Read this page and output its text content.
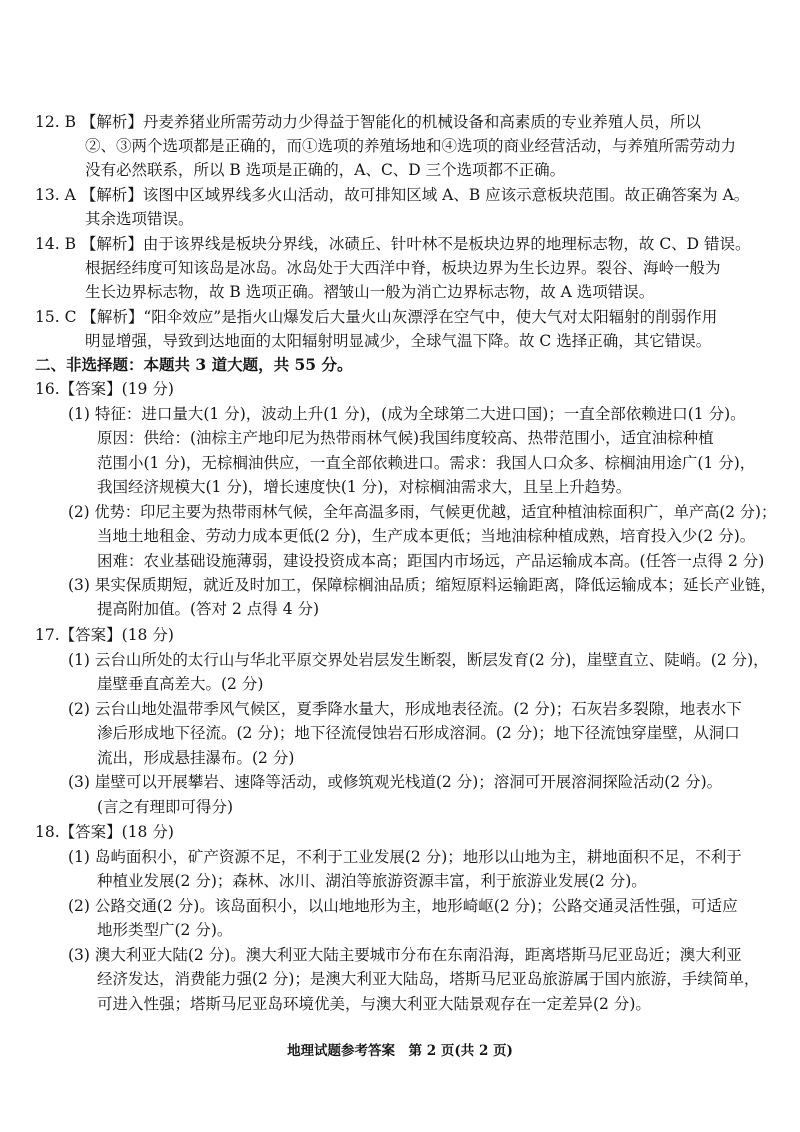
12. B 【解析】丹麦养猪业所需劳动力少得益于智能化的机械设备和高素质的专业养殖人员，所以
②、③两个选项都是正确的，而①选项的养殖场地和④选项的商业经营活动，与养殖所需劳动力
没有必然联系，所以 B 选项是正确的，A、C、D 三个选项都不正确。
13. A 【解析】该图中区域界线多火山活动，故可排知区域 A、B 应该示意板块范围。故正确答案为 A。
其余选项错误。
14. B 【解析】由于该界线是板块分界线，冰碛丘、针叶林不是板块边界的地理标志物，故 C、D 错误。
根据经纬度可知该岛是冰岛。冰岛处于大西洋中脊，板块边界为生长边界。裂谷、海岭一般为
生长边界标志物，故 B 选项正确。褶皱山一般为消亡边界标志物，故 A 选项错误。
15. C 【解析】“阳伞效应”是指火山爆发后大量火山灰漂浮在空气中，使大气对太阳辐射的削弱作用
明显增强，导致到达地面的太阳辐射明显减少，全球气温下降。故 C 选择正确，其它错误。
二、非选择题：本题共 3 道大题，共 55 分。
16.【答案】(19 分)
(1) 特征：进口量大(1 分)，波动上升(1 分)，(成为全球第二大进口国)；一直全部依赖进口(1 分)。
原因：供给：(油棕主产地印尼为热带雨林气候)我国纬度较高、热带范围小，适宜油棕种植
范围小(1 分)，无棕榈油供应，一直全部依赖进口。需求：我国人口众多、棕榈油用途广(1 分)，
我国经济规模大(1 分)，增长速度快(1 分)，对棕榈油需求大，且呈上升趋势。
(2) 优势：印尼主要为热带雨林气候，全年高温多雨，气候更优越，适宜种植油棕面积广，单产高(2 分)；
当地土地租金、劳动力成本更低(2 分)，生产成本更低；当地油棕种植成熟，培育投入少(2 分)。
困难：农业基础设施薄弱，建设投资成本高；距国内市场远，产品运输成本高。(任答一点得 2 分)
(3) 果实保质期短，就近及时加工，保障棕榈油品质；缩短原料运输距离，降低运输成本；延长产业链，
提高附加值。(答对 2 点得 4 分)
17.【答案】(18 分)
(1) 云台山所处的太行山与华北平原交界处岩层发生断裂，断层发育(2 分)，崖壁直立、陡峭。(2 分)，
崖壁垂直高差大。(2 分)
(2) 云台山地处温带季风气候区，夏季降水量大，形成地表径流。(2 分)；石灰岩多裂隙，地表水下
渗后形成地下径流。(2 分)；地下径流侵蚀岩石形成溶洞。(2 分)；地下径流蚀穿崖壁，从洞口
流出，形成悬挂瀑布。(2 分)
(3) 崖壁可以开展攀岩、速降等活动，或修筑观光栈道(2 分)；溶洞可开展溶洞探险活动(2 分)。
(言之有理即可得分)
18.【答案】(18 分)
(1) 岛屿面积小，矿产资源不足，不利于工业发展(2 分)；地形以山地为主，耕地面积不足，不利于
种植业发展(2 分)；森林、冰川、湖泊等旅游资源丰富，利于旅游业发展(2 分)。
(2) 公路交通(2 分)。该岛面积小，以山地地形为主，地形崎岖(2 分)；公路交通灵活性强，可适应
地形类型广(2 分)。
(3) 澳大利亚大陆(2 分)。澳大利亚大陆主要城市分布在东南沿海，距离塔斯马尼亚岛近；澳大利亚
经济发达，消费能力强(2 分)；是澳大利亚大陆岛，塔斯马尼亚岛旅游属于国内旅游，手续简单，
可进入性强；塔斯马尼亚岛环境优美，与澳大利亚大陆景观存在一定差异(2 分)。
地理试题参考答案　第 2 页(共 2 页)
